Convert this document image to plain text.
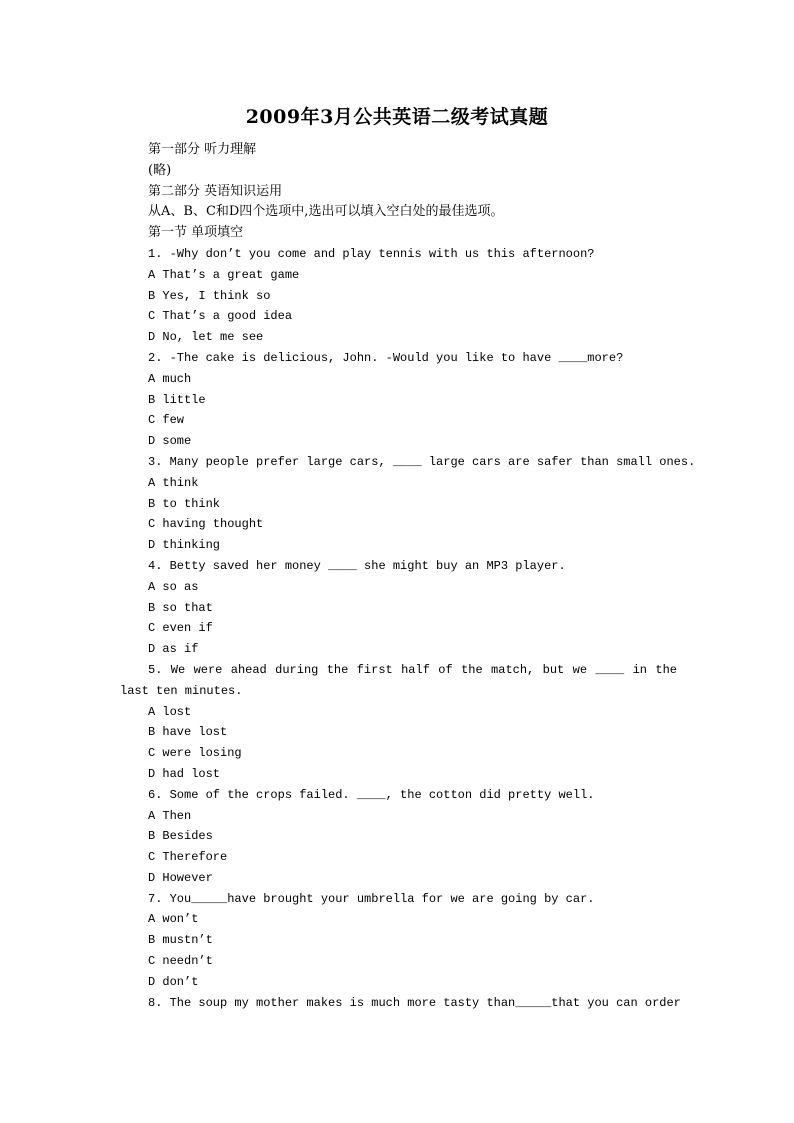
2009年3月公共英语二级考试真题
第一部分 听力理解
(略)
第二部分 英语知识运用
从A、B、C和D四个选项中,选出可以填入空白处的最佳选项。
第一节 单项填空
1. -Why don’t you come and play tennis with us this afternoon?
A That’s a great game
B Yes, I think so
C That’s a good idea
D No, let me see
2. -The cake is delicious, John. -Would you like to have ____more?
A much
B little
C few
D some
3. Many people prefer large cars, ____ large cars are safer than small ones.
A think
B to think
C having thought
D thinking
4. Betty saved her money ____ she might buy an MP3 player.
A so as
B so that
C even if
D as if
5. We were ahead during the first half of the match, but we ____ in the
last ten minutes.
A lost
B have lost
C were losing
D had lost
6. Some of the crops failed. ____, the cotton did pretty well.
A Then
B Besides
C Therefore
D However
7. You_____have brought your umbrella for we are going by car.
A won’t
B mustn’t
C needn’t
D don’t
8. The soup my mother makes is much more tasty than_____that you can order
